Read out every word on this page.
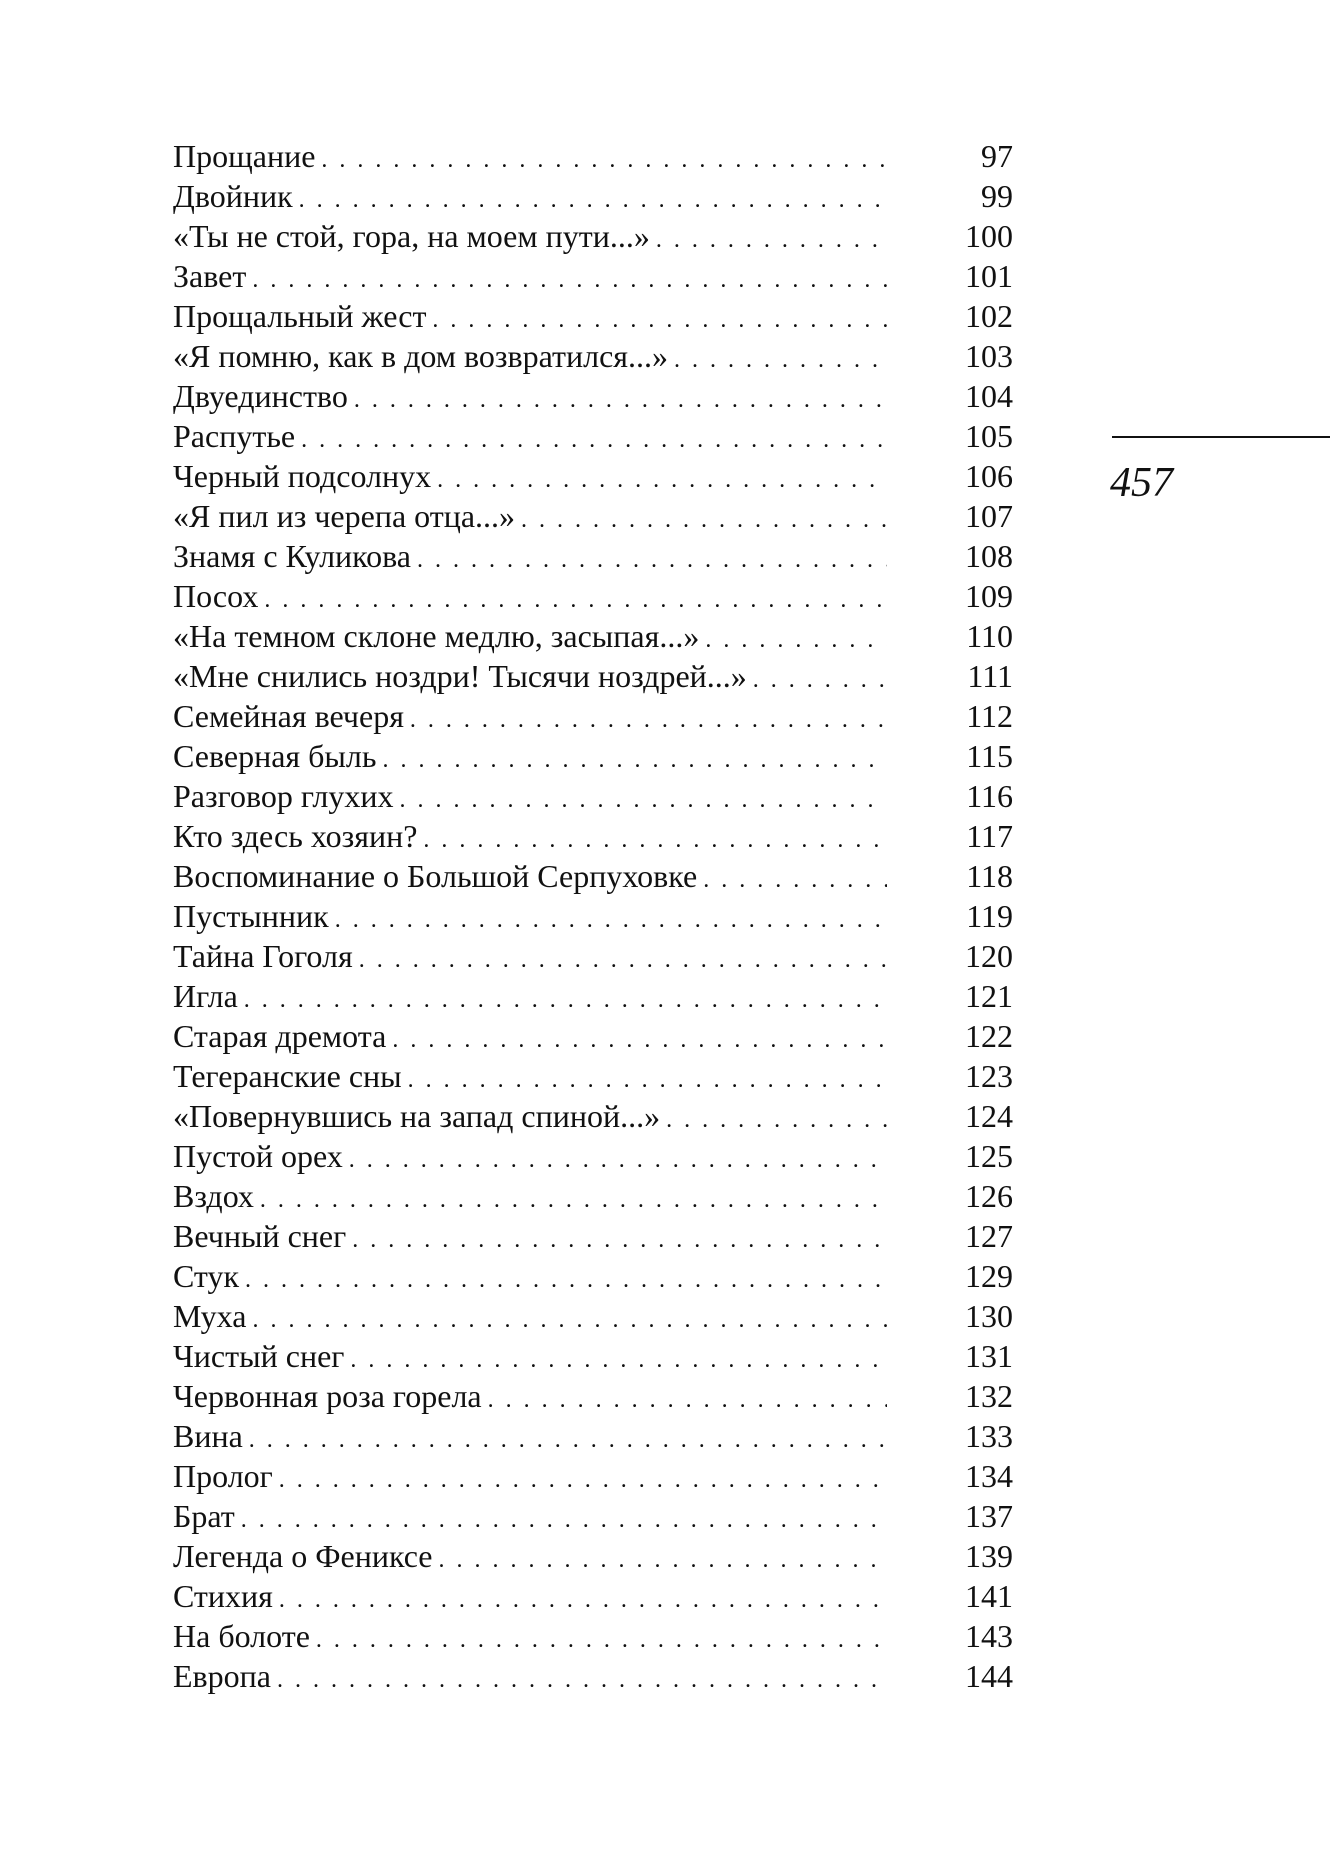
Прощание . . .	97
Двойник . . .	99
«Ты не стой, гора, на моем пути...» . . .	100
Завет . . .	101
Прощальный жест . . .	102
«Я помню, как в дом возвратился...» . . .	103
Двуединство . . .	104
Распутье . . .	105
Черный подсолнух . . .	106
«Я пил из черепа отца...» . . .	107
Знамя с Куликова . . .	108
Посох . . .	109
«На темном склоне медлю, засыпая...» . . .	110
«Мне снились ноздри! Тысячи ноздрей...» . . .	111
Семейная вечеря . . .	112
Северная быль . . .	115
Разговор глухих . . .	116
Кто здесь хозяин? . . .	117
Воспоминание о Большой Серпуховке . . .	118
Пустынник . . .	119
Тайна Гоголя . . .	120
Игла . . .	121
Старая дремота . . .	122
Тегеранские сны . . .	123
«Повернувшись на запад спиной...» . . .	124
Пустой орех . . .	125
Вздох . . .	126
Вечный снег . . .	127
Стук . . .	129
Муха . . .	130
Чистый снег . . .	131
Червонная роза горела . . .	132
Вина . . .	133
Пролог . . .	134
Брат . . .	137
Легенда о Фениксе . . .	139
Стихия . . .	141
На болоте . . .	143
Европа . . .	144
457
